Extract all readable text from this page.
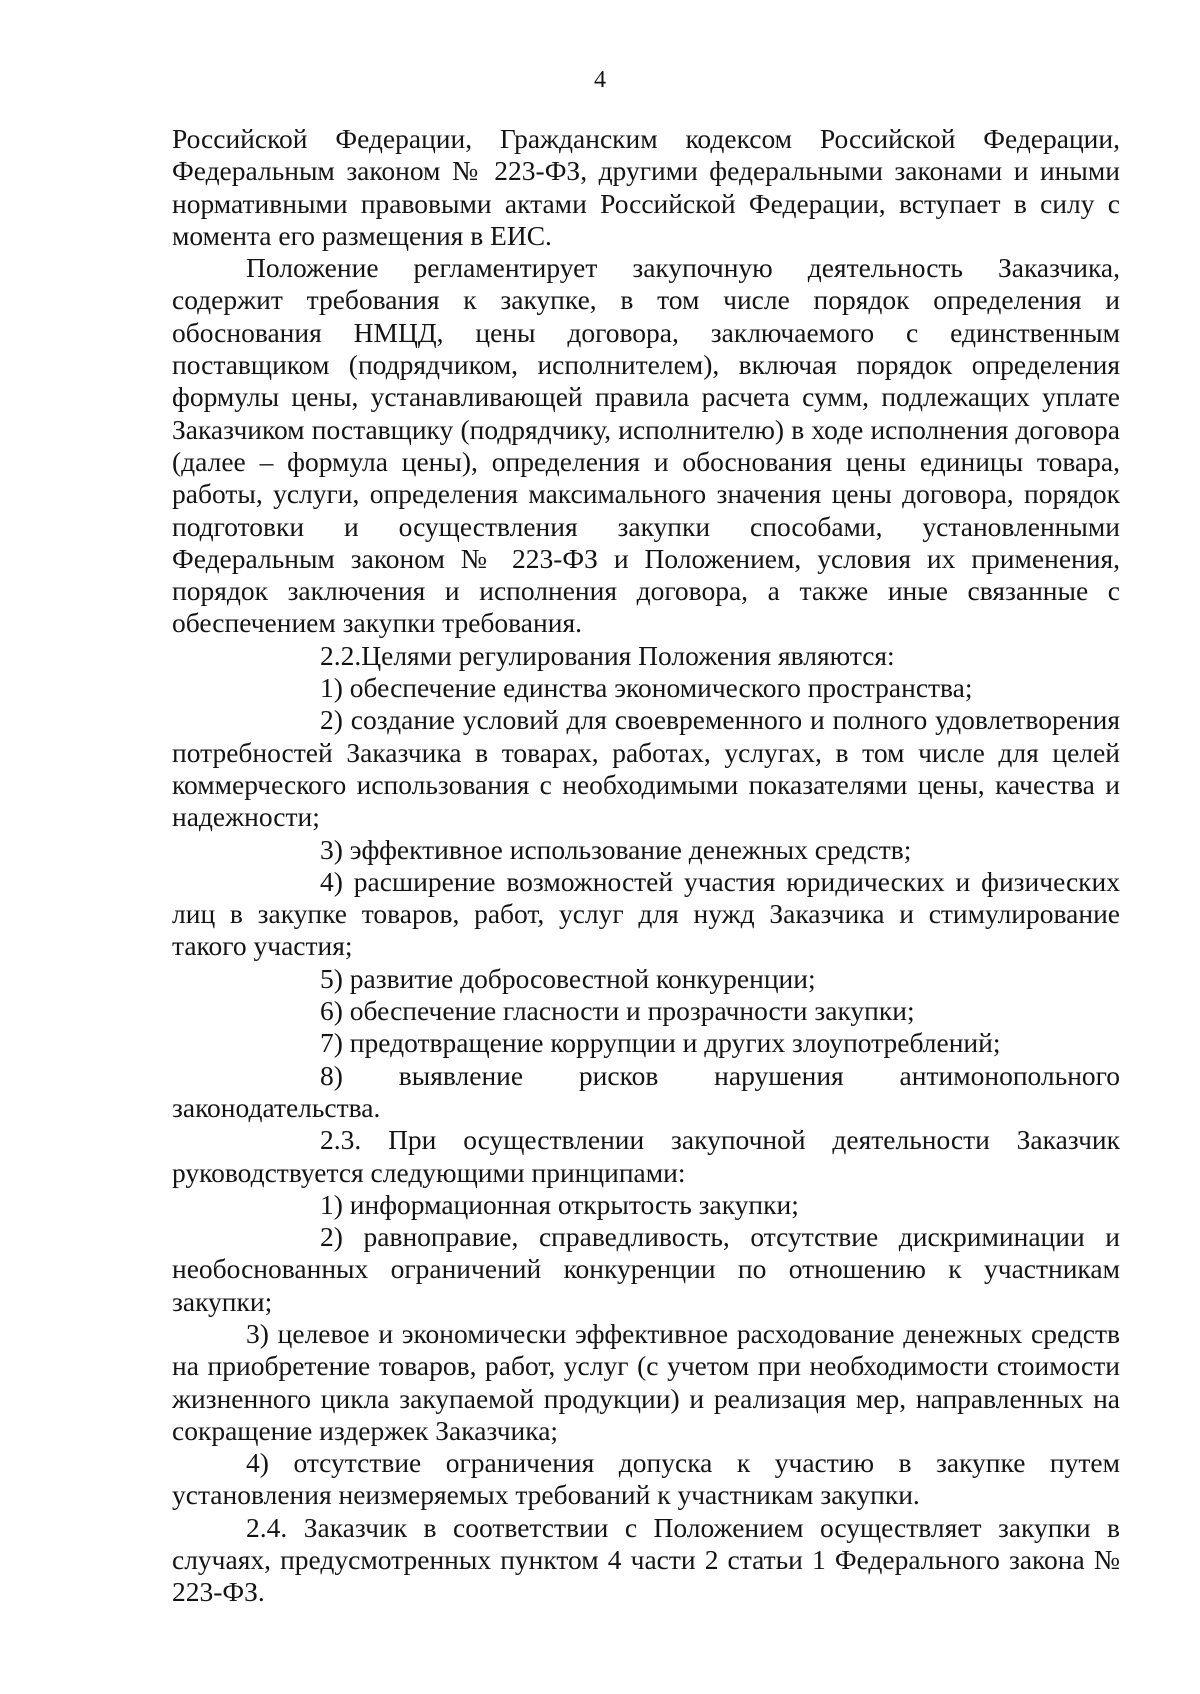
4

Российской Федерации, Гражданским кодексом Российской Федерации, Федеральным законом № 223-ФЗ, другими федеральными законами и иными нормативными правовыми актами Российской Федерации, вступает в силу с момента его размещения в ЕИС.

Положение регламентирует закупочную деятельность Заказчика, содержит требования к закупке, в том числе порядок определения и обоснования НМЦД, цены договора, заключаемого с единственным поставщиком (подрядчиком, исполнителем), включая порядок определения формулы цены, устанавливающей правила расчета сумм, подлежащих уплате Заказчиком поставщику (подрядчику, исполнителю) в ходе исполнения договора (далее – формула цены), определения и обоснования цены единицы товара, работы, услуги, определения максимального значения цены договора, порядок подготовки и осуществления закупки способами, установленными Федеральным законом № 223-ФЗ и Положением, условия их применения, порядок заключения и исполнения договора, а также иные связанные с обеспечением закупки требования.

2.2.Целями регулирования Положения являются:

1) обеспечение единства экономического пространства;

2) создание условий для своевременного и полного удовлетворения потребностей Заказчика в товарах, работах, услугах, в том числе для целей коммерческого использования с необходимыми показателями цены, качества и надежности;

3) эффективное использование денежных средств;

4) расширение возможностей участия юридических и физических лиц в закупке товаров, работ, услуг для нужд Заказчика и стимулирование такого участия;

5) развитие добросовестной конкуренции;

6) обеспечение гласности и прозрачности закупки;

7) предотвращение коррупции и других злоупотреблений;

8) выявление рисков нарушения антимонопольного законодательства.

2.3. При осуществлении закупочной деятельности Заказчик руководствуется следующими принципами:

1) информационная открытость закупки;

2) равноправие, справедливость, отсутствие дискриминации и необоснованных ограничений конкуренции по отношению к участникам закупки;

3) целевое и экономически эффективное расходование денежных средств на приобретение товаров, работ, услуг (с учетом при необходимости стоимости жизненного цикла закупаемой продукции) и реализация мер, направленных на сокращение издержек Заказчика;

4) отсутствие ограничения допуска к участию в закупке путем установления неизмеряемых требований к участникам закупки.

2.4. Заказчик в соответствии с Положением осуществляет закупки в случаях, предусмотренных пунктом 4 части 2 статьи 1 Федерального закона № 223-ФЗ.
